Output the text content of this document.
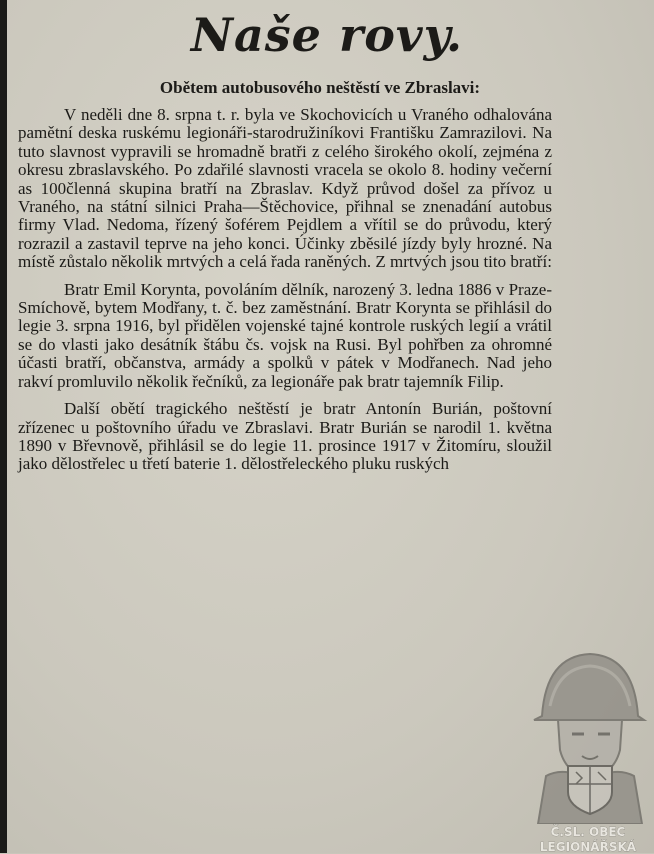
Naše rovy.
Obětem autobusového neštěstí ve Zbraslavi:

V neděli dne 8. srpna t. r. byla ve Skochovicích u Vraného odhalována pamětní deska ruskému legionáři-starodružiníkovi Františku Zamrazilovi. Na tuto slavnost vypravili se hromadně bratři z celého širokého okolí, zejména z okresu zbraslavského. Po zdařilé slavnosti vracela se okolo 8. hodiny večerní as 100členná skupina bratří na Zbraslav. Když průvod došel za přívoz u Vraného, na státní silnici Praha—Štěchovice, přihnal se znenadání autobus firmy Vlad. Nedoma, řízený šoférem Pejdlem a vřítil se do průvodu, který rozrazil a zastavil teprve na jeho konci. Účinky zběsilé jízdy byly hrozné. Na místě zůstalo několik mrtvých a celá řada raněných. Z mrtvých jsou tito bratří:

Bratr Emil Korynta, povoláním dělník, narozený 3. ledna 1886 v Praze-Smíchově, bytem Modřany, t. č. bez zaměstnání. Bratr Korynta se přihlásil do legie 3. srpna 1916, byl přidělen vojenské tajné kontrole ruských legií a vrátil se do vlasti jako desátník štábu čs. vojsk na Rusi. Byl pohřben za ohromné účasti bratří, občanstva, armády a spolků v pátek v Modřanech. Nad jeho rakví promluvilo několik řečníků, za legionáře pak bratr tajemník Filip.

Další obětí tragického neštěstí je bratr Antonín Burián, poštovní zřízenec u poštovního úřadu ve Zbraslavi. Bratr Burián se narodil 1. května 1890 v Břevnově, přihlásil se do legie 11. prosince 1917 v Žitomíru, sloužil jako dělostřelec u třetí baterie 1. dělostřeleckého pluku ruských

Č.SL. OBEC
LEGIONÁŘSKÁ
